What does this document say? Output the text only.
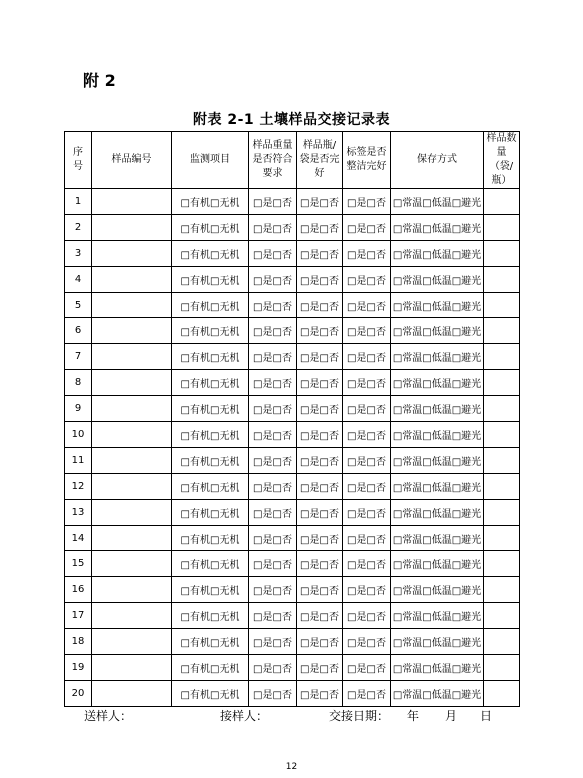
附 2
附表 2-1 土壤样品交接记录表
序
号	样品编号	监测项目	样品重量
是否符合
要求	样品瓶/
袋是否完
好	标签是否
整洁完好	保存方式	样品数量
（袋/瓶）
1		□有机□无机	□是□否	□是□否	□是□否	□常温□低温□避光	
2		□有机□无机	□是□否	□是□否	□是□否	□常温□低温□避光	
3		□有机□无机	□是□否	□是□否	□是□否	□常温□低温□避光	
4		□有机□无机	□是□否	□是□否	□是□否	□常温□低温□避光	
5		□有机□无机	□是□否	□是□否	□是□否	□常温□低温□避光	
6		□有机□无机	□是□否	□是□否	□是□否	□常温□低温□避光	
7		□有机□无机	□是□否	□是□否	□是□否	□常温□低温□避光	
8		□有机□无机	□是□否	□是□否	□是□否	□常温□低温□避光	
9		□有机□无机	□是□否	□是□否	□是□否	□常温□低温□避光	
10		□有机□无机	□是□否	□是□否	□是□否	□常温□低温□避光	
11		□有机□无机	□是□否	□是□否	□是□否	□常温□低温□避光	
12		□有机□无机	□是□否	□是□否	□是□否	□常温□低温□避光	
13		□有机□无机	□是□否	□是□否	□是□否	□常温□低温□避光	
14		□有机□无机	□是□否	□是□否	□是□否	□常温□低温□避光	
15		□有机□无机	□是□否	□是□否	□是□否	□常温□低温□避光	
16		□有机□无机	□是□否	□是□否	□是□否	□常温□低温□避光	
17		□有机□无机	□是□否	□是□否	□是□否	□常温□低温□避光	
18		□有机□无机	□是□否	□是□否	□是□否	□常温□低温□避光	
19		□有机□无机	□是□否	□是□否	□是□否	□常温□低温□避光	
20		□有机□无机	□是□否	□是□否	□是□否	□常温□低温□避光	
送样人：	接样人：	交接日期： 年 月 日
12
